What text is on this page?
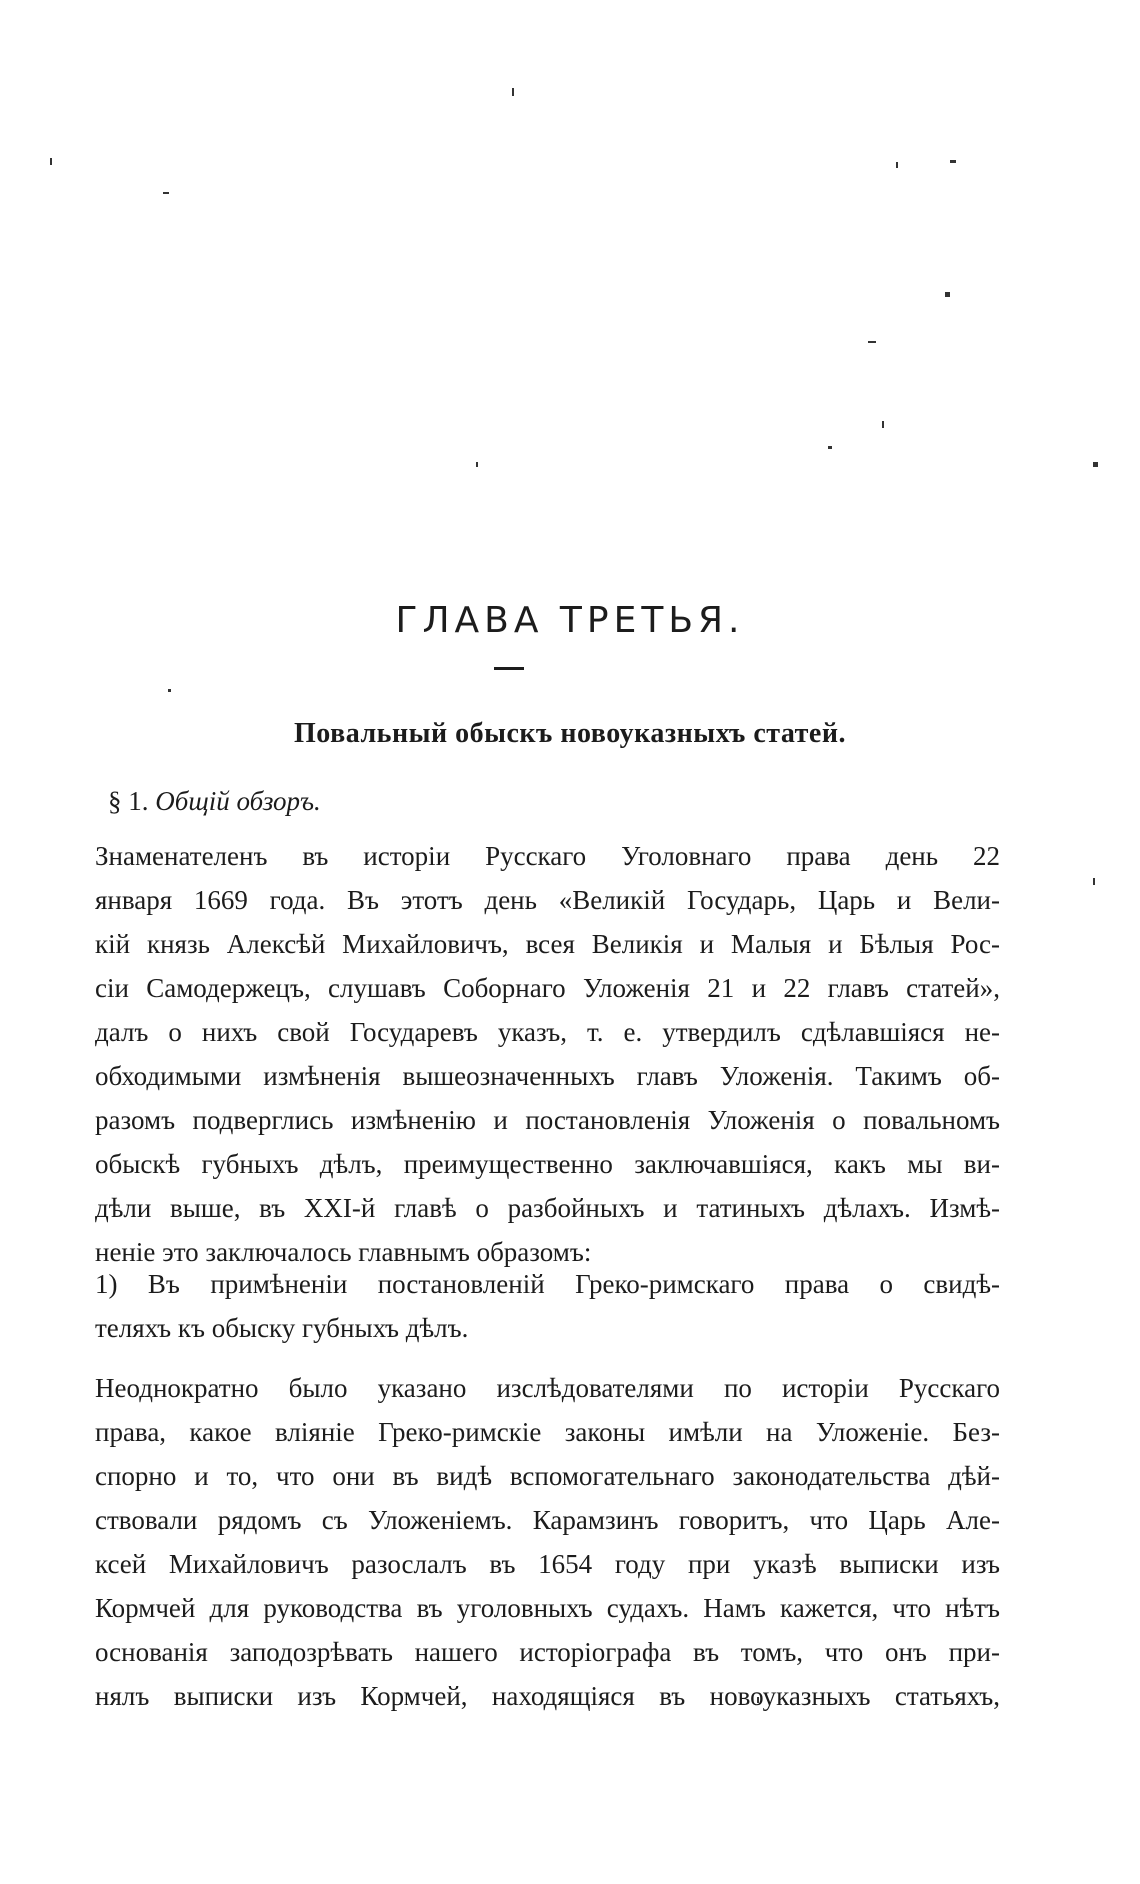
ГЛАВА ТРЕТЬЯ.
Повальный обыскъ новоуказныхъ статей.
§ 1. Общій обзоръ.
Знаменателенъ въ исторіи Русскаго Уголовнаго права день 22
января 1669 года. Въ этотъ день «Великій Государь, Царь и Вели-
кій князь Алексѣй Михайловичъ, всея Великія и Малыя и Бѣлыя Рос-
сіи Самодержецъ, слушавъ Соборнаго Уложенія 21 и 22 главъ статей»,
далъ о нихъ свой Государевъ указъ, т. е. утвердилъ сдѣлавшіяся не-
обходимыми измѣненія вышеозначенныхъ главъ Уложенія. Такимъ об-
разомъ подверглись измѣненію и постановленія Уложенія о повальномъ
обыскѣ губныхъ дѣлъ, преимущественно заключавшіяся, какъ мы ви-
дѣли выше, въ XXI-й главѣ о разбойныхъ и татиныхъ дѣлахъ. Измѣ-
неніе это заключалось главнымъ образомъ:
1) Въ примѣненіи постановленій Греко-римскаго права о свидѣ-
теляхъ къ обыску губныхъ дѣлъ.
Неоднократно было указано изслѣдователями по исторіи Русскаго
права, какое вліяніе Греко-римскіе законы имѣли на Уложеніе. Без-
спорно и то, что они въ видѣ вспомогательнаго законодательства дѣй-
ствовали рядомъ съ Уложеніемъ. Карамзинъ говоритъ, что Царь Але-
ксей Михайловичъ разослалъ въ 1654 году при указѣ выписки изъ
Кормчей для руководства въ уголовныхъ судахъ. Намъ кажется, что нѣтъ
основанія заподозрѣвать нашего исторіографа въ томъ, что онъ при-
нялъ выписки изъ Кормчей, находящіяся въ новоуказныхъ статьяхъ,
